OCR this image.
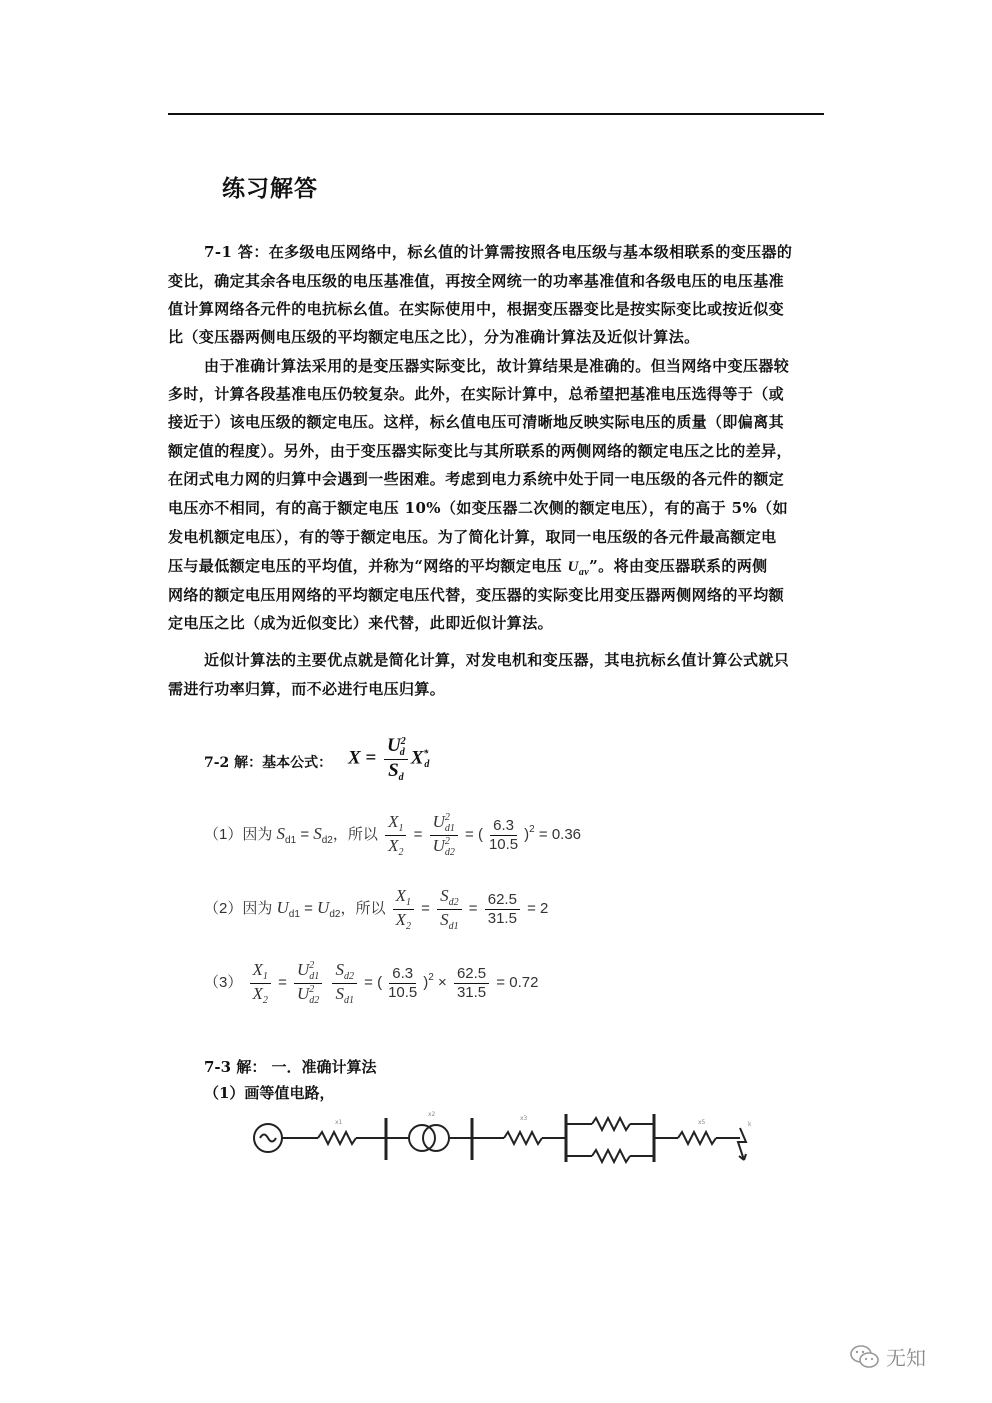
练习解答
7-1 答：在多级电压网络中，标幺值的计算需按照各电压级与基本级相联系的变压器的
变比，确定其余各电压级的电压基准值，再按全网统一的功率基准值和各级电压的电压基准
值计算网络各元件的电抗标幺值。在实际使用中，根据变压器变比是按实际变比或按近似变
比（变压器两侧电压级的平均额定电压之比），分为准确计算法及近似计算法。
由于准确计算法采用的是变压器实际变比，故计算结果是准确的。但当网络中变压器较
多时，计算各段基准电压仍较复杂。此外，在实际计算中，总希望把基准电压选得等于（或
接近于）该电压级的额定电压。这样，标幺值电压可清晰地反映实际电压的质量（即偏离其
额定值的程度）。另外，由于变压器实际变比与其所联系的两侧网络的额定电压之比的差异，
在闭式电力网的归算中会遇到一些困难。考虑到电力系统中处于同一电压级的各元件的额定
电压亦不相同，有的高于额定电压 10%（如变压器二次侧的额定电压），有的高于 5%（如
发电机额定电压），有的等于额定电压。为了简化计算，取同一电压级的各元件最高额定电
压与最低额定电压的平均值，并称为“网络的平均额定电压 $U_{av}$”。将由变压器联系的两侧
网络的额定电压用网络的平均额定电压代替，变压器的实际变比用变压器两侧网络的平均额
定电压之比（成为近似变比）来代替，此即近似计算法。
近似计算法的主要优点就是简化计算，对发电机和变压器，其电抗标幺值计算公式就只
需进行功率归算，而不必进行电压归算。
7-2 解：基本公式： $X = \frac{U^2_d}{S_d} X^*_d$
（1）因为 $S_{d1} = S_{d2}$，所以 $\frac{X_1}{X_2} = \frac{U^2_{d1}}{U^2_{d2}}$ = ( $\frac{6.3}{10.5} )^2 = 0.36$
（2）因为 $U_{d1} = U_{d2}$，所以 $\frac{X_1}{X_2} = \frac{S_{d2}}{S_{d1}} = \frac{62.5}{31.5} = 2$
$(3) \frac{X_1}{X_2} = \frac{U^2_{d1}}{U^2_{d2}}$
$\frac{S_{d2}}{S_{d1}}$ = ( $\frac{6.3}{10.5} )^2 \times \frac{62.5}{31.5} = 0.72$
7-3 解： 一．准确计算法
（1）画等值电路，
x1
x2
x3
x5	k
无知
